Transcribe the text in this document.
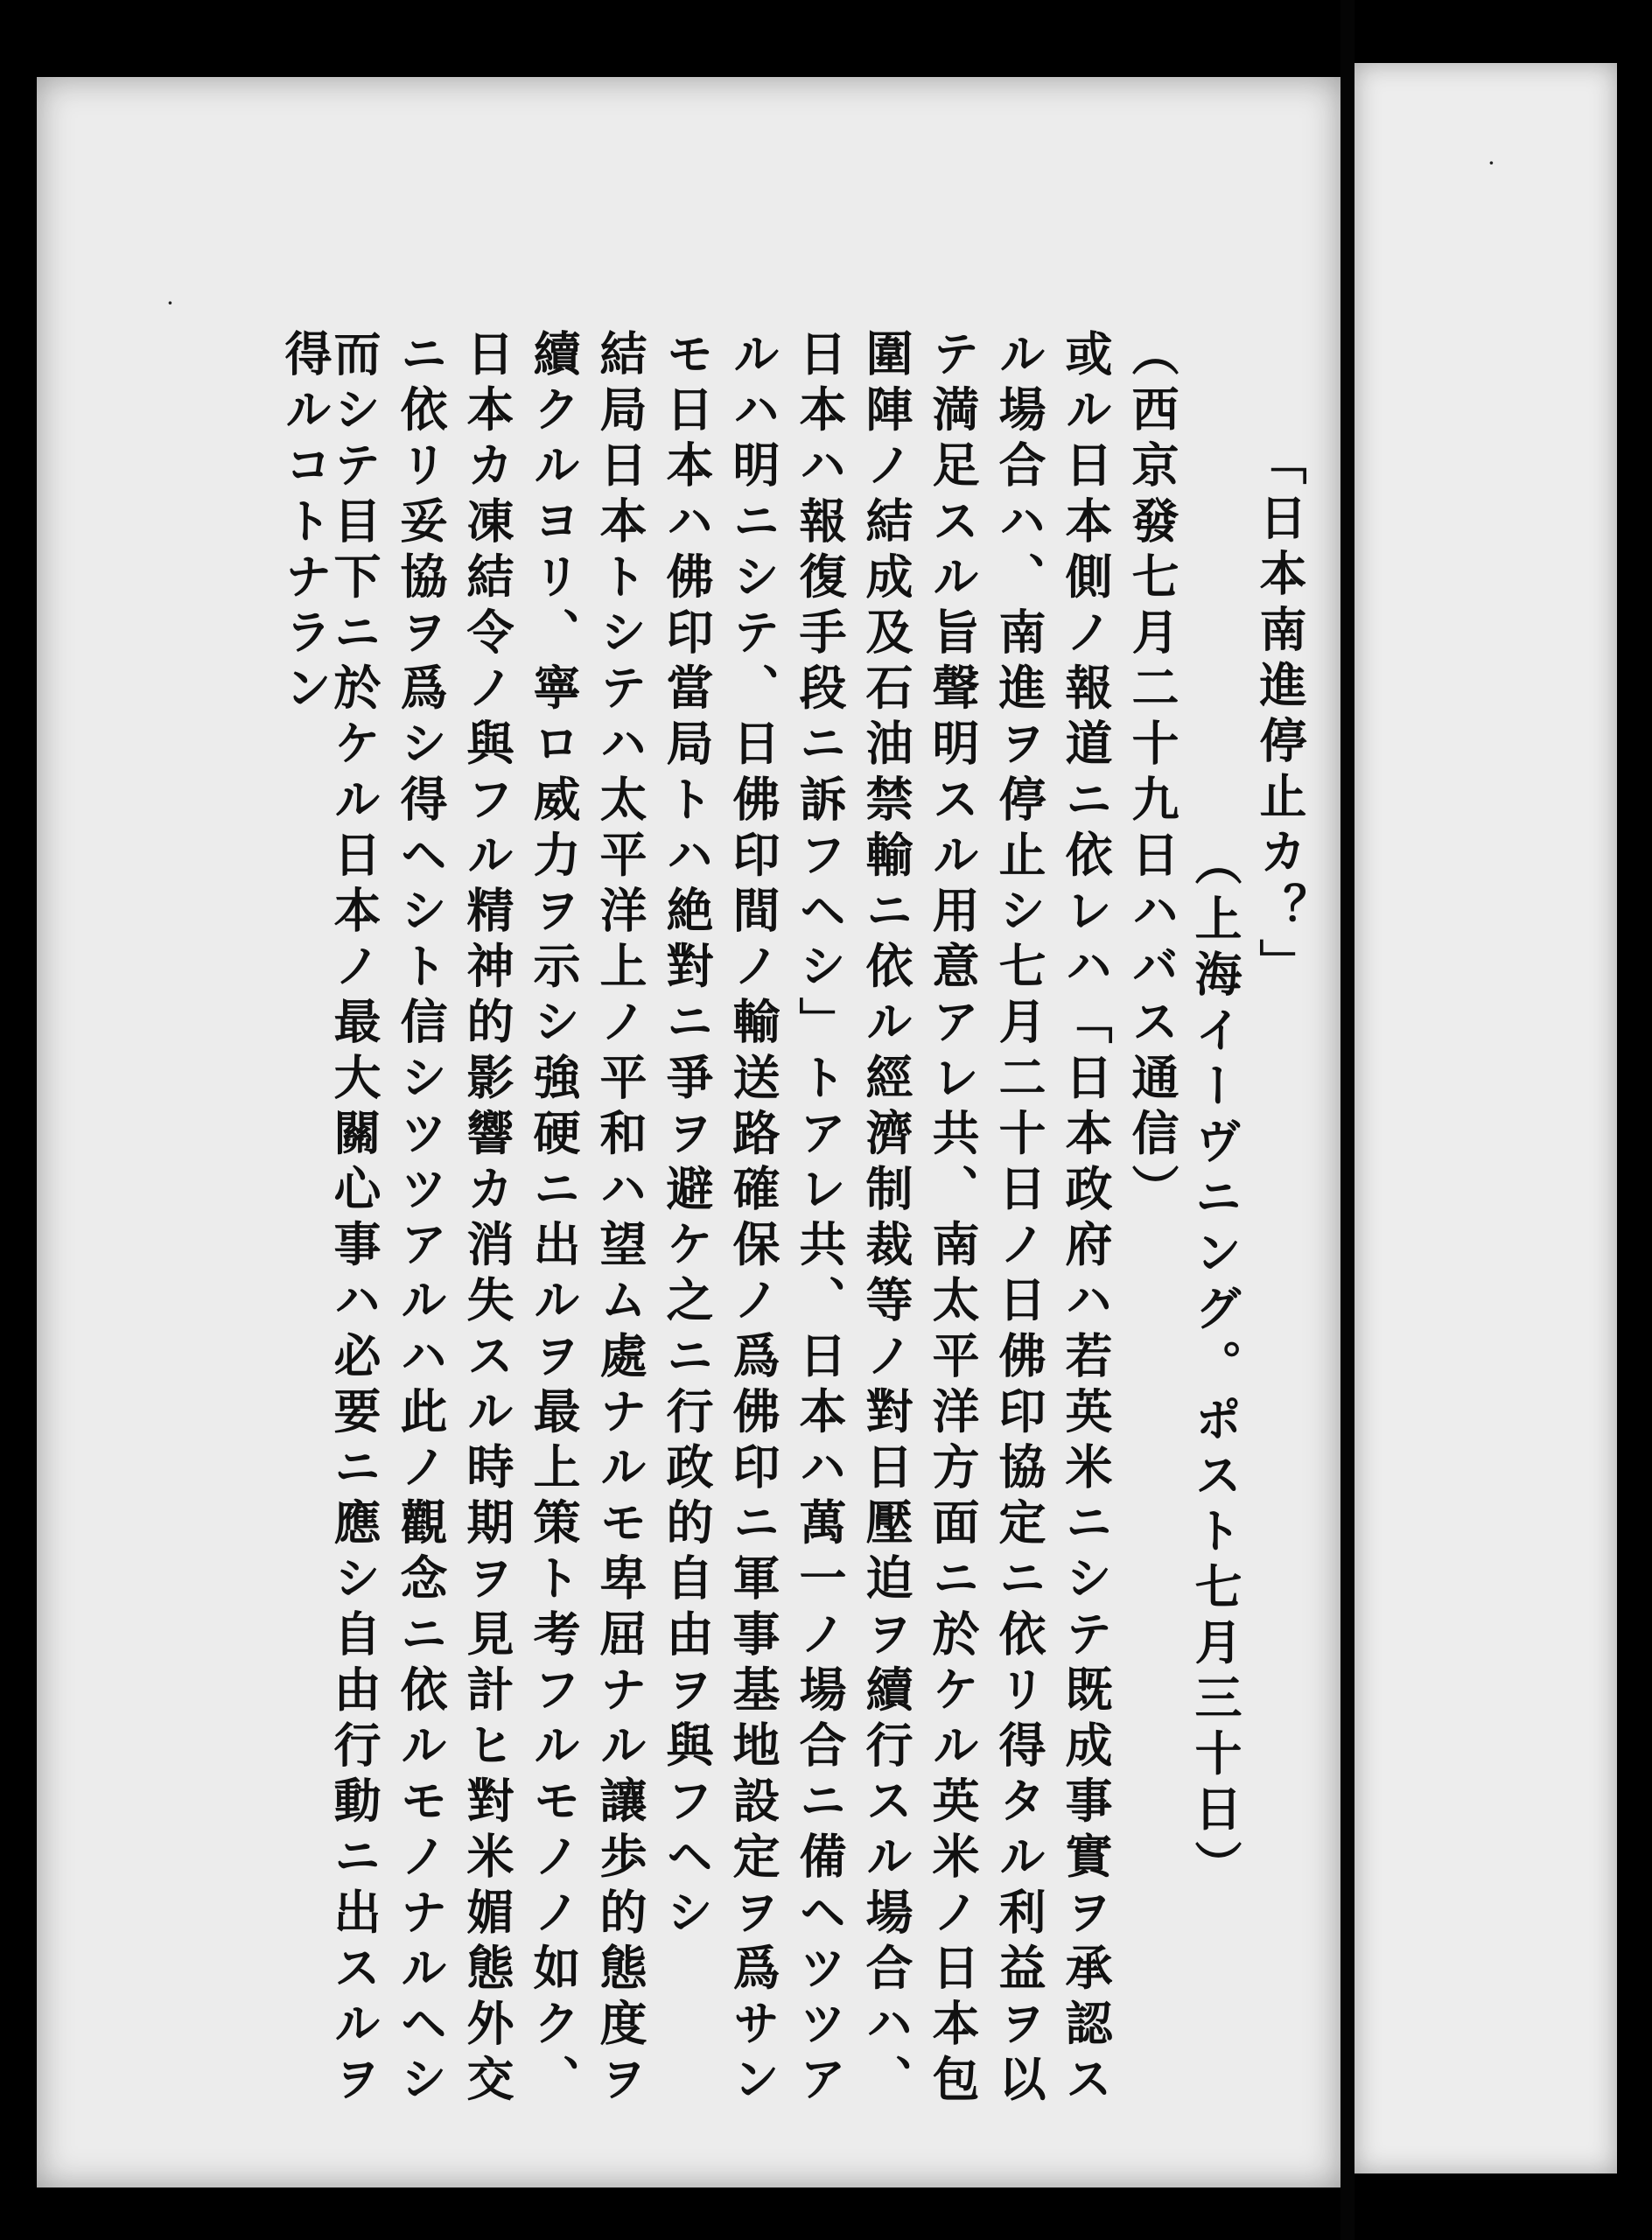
「日本南進停止カ？」
（上海イーヴニング。ポスト七月三十日）
（西京發七月二十九日ハバス通信）
或ル日本側ノ報道ニ依レハ「日本政府ハ若英米ニシテ既成事實ヲ承認ス
ル場合ハ、南進ヲ停止シ七月二十日ノ日佛印協定ニ依リ得タル利益ヲ以
テ満足スル旨聲明スル用意アレ共、南太平洋方面ニ於ケル英米ノ日本包
圍陣ノ結成及石油禁輸ニ依ル經濟制裁等ノ對日壓迫ヲ續行スル場合ハ、
日本ハ報復手段ニ訴フヘシ」トアレ共、日本ハ萬一ノ場合ニ備ヘツツア
ルハ明ニシテ、日佛印間ノ輸送路確保ノ爲佛印ニ軍事基地設定ヲ爲サン
モ日本ハ佛印當局トハ絶對ニ爭ヲ避ケ之ニ行政的自由ヲ與フヘシ
結局日本トシテハ太平洋上ノ平和ハ望ム處ナルモ卑屈ナル讓歩的態度ヲ
續クルヨリ、寧ロ威力ヲ示シ強硬ニ出ルヲ最上策ト考フルモノノ如ク、
日本カ凍結令ノ與フル精神的影響カ消失スル時期ヲ見計ヒ對米媚態外交
ニ依リ妥協ヲ爲シ得ヘシト信シツツアルハ此ノ觀念ニ依ルモノナルヘシ
而シテ目下ニ於ケル日本ノ最大關心事ハ必要ニ應シ自由行動ニ出スルヲ
得ルコトナラン
·
·
